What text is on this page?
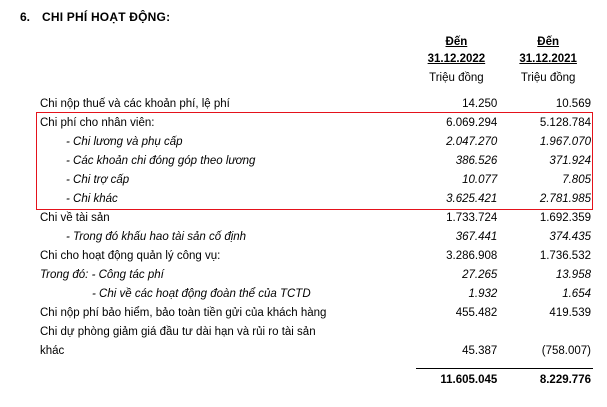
6. CHI PHÍ HOẠT ĐỘNG:

Đến
31.12.2022
Triệu đồng

Đến
31.12.2021
Triệu đồng

Chi nộp thuế và các khoản phí, lệ phí	14.250	10.569
Chi phí cho nhân viên:	6.069.294	5.128.784
- Chi lương và phụ cấp	2.047.270	1.967.070
- Các khoản chi đóng góp theo lương	386.526	371.924
- Chi trợ cấp	10.077	7.805
- Chi khác	3.625.421	2.781.985
Chi về tài sản	1.733.724	1.692.359
- Trong đó khấu hao tài sản cố định	367.441	374.435
Chi cho hoạt động quản lý công vụ:	3.286.908	1.736.532
Trong đó: - Công tác phí	27.265	13.958
- Chi về các hoạt động đoàn thể của TCTD	1.932	1.654
Chi nộp phí bảo hiểm, bảo toàn tiền gửi của khách hàng	455.482	419.539
Chi dự phòng giảm giá đầu tư dài hạn và rủi ro tài sản		
khác	45.387	(758.007)

	11.605.045	8.229.776
